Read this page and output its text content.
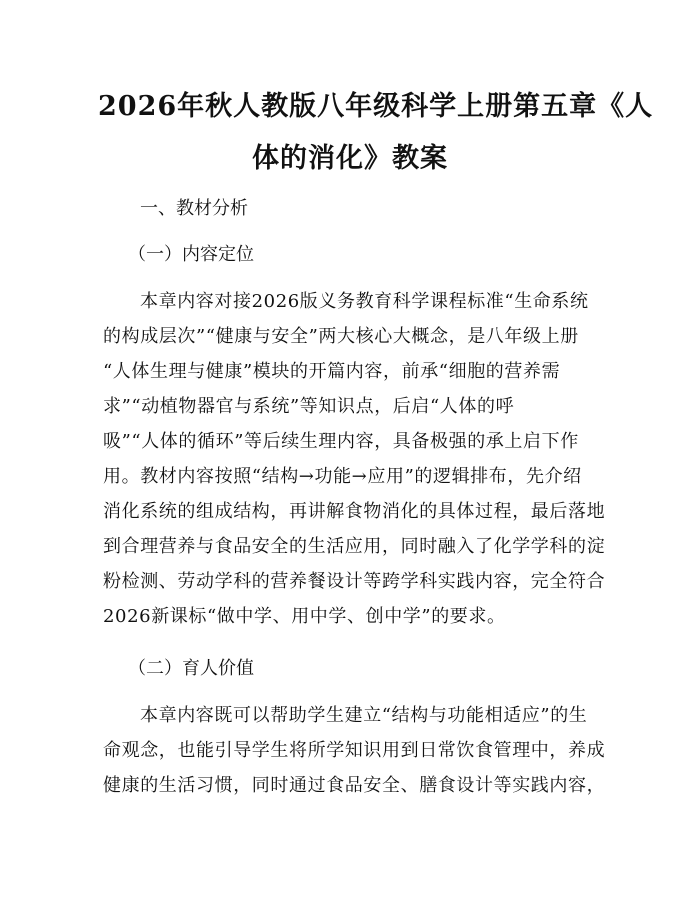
2026年秋人教版八年级科学上册第五章《人
体的消化》教案
一、教材分析
（一）内容定位
本章内容对接2026版义务教育科学课程标准“生命系统
的构成层次”“健康与安全”两大核心大概念，是八年级上册
“人体生理与健康”模块的开篇内容，前承“细胞的营养需
求”“动植物器官与系统”等知识点，后启“人体的呼
吸”“人体的循环”等后续生理内容，具备极强的承上启下作
用。教材内容按照“结构→功能→应用”的逻辑排布，先介绍
消化系统的组成结构，再讲解食物消化的具体过程，最后落地
到合理营养与食品安全的生活应用，同时融入了化学学科的淀
粉检测、劳动学科的营养餐设计等跨学科实践内容，完全符合
2026新课标“做中学、用中学、创中学”的要求。
（二）育人价值
本章内容既可以帮助学生建立“结构与功能相适应”的生
命观念，也能引导学生将所学知识用到日常饮食管理中，养成
健康的生活习惯，同时通过食品安全、膳食设计等实践内容，
